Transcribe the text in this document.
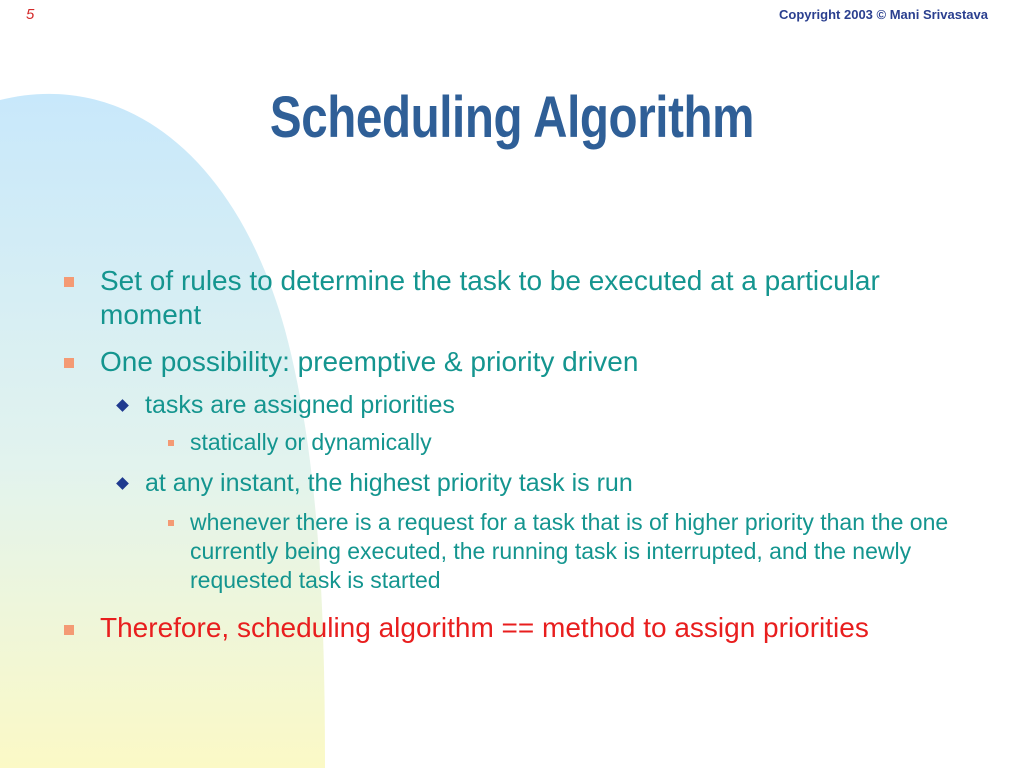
5	Copyright 2003 © Mani Srivastava
Scheduling Algorithm
Set of rules to determine the task to be executed at a particular moment
One possibility: preemptive & priority driven
tasks are assigned priorities
statically or dynamically
at any instant, the highest priority task is run
whenever there is a request for a task that is of higher priority than the one currently being executed, the running task is interrupted, and the newly requested task is started
Therefore, scheduling algorithm == method to assign priorities
